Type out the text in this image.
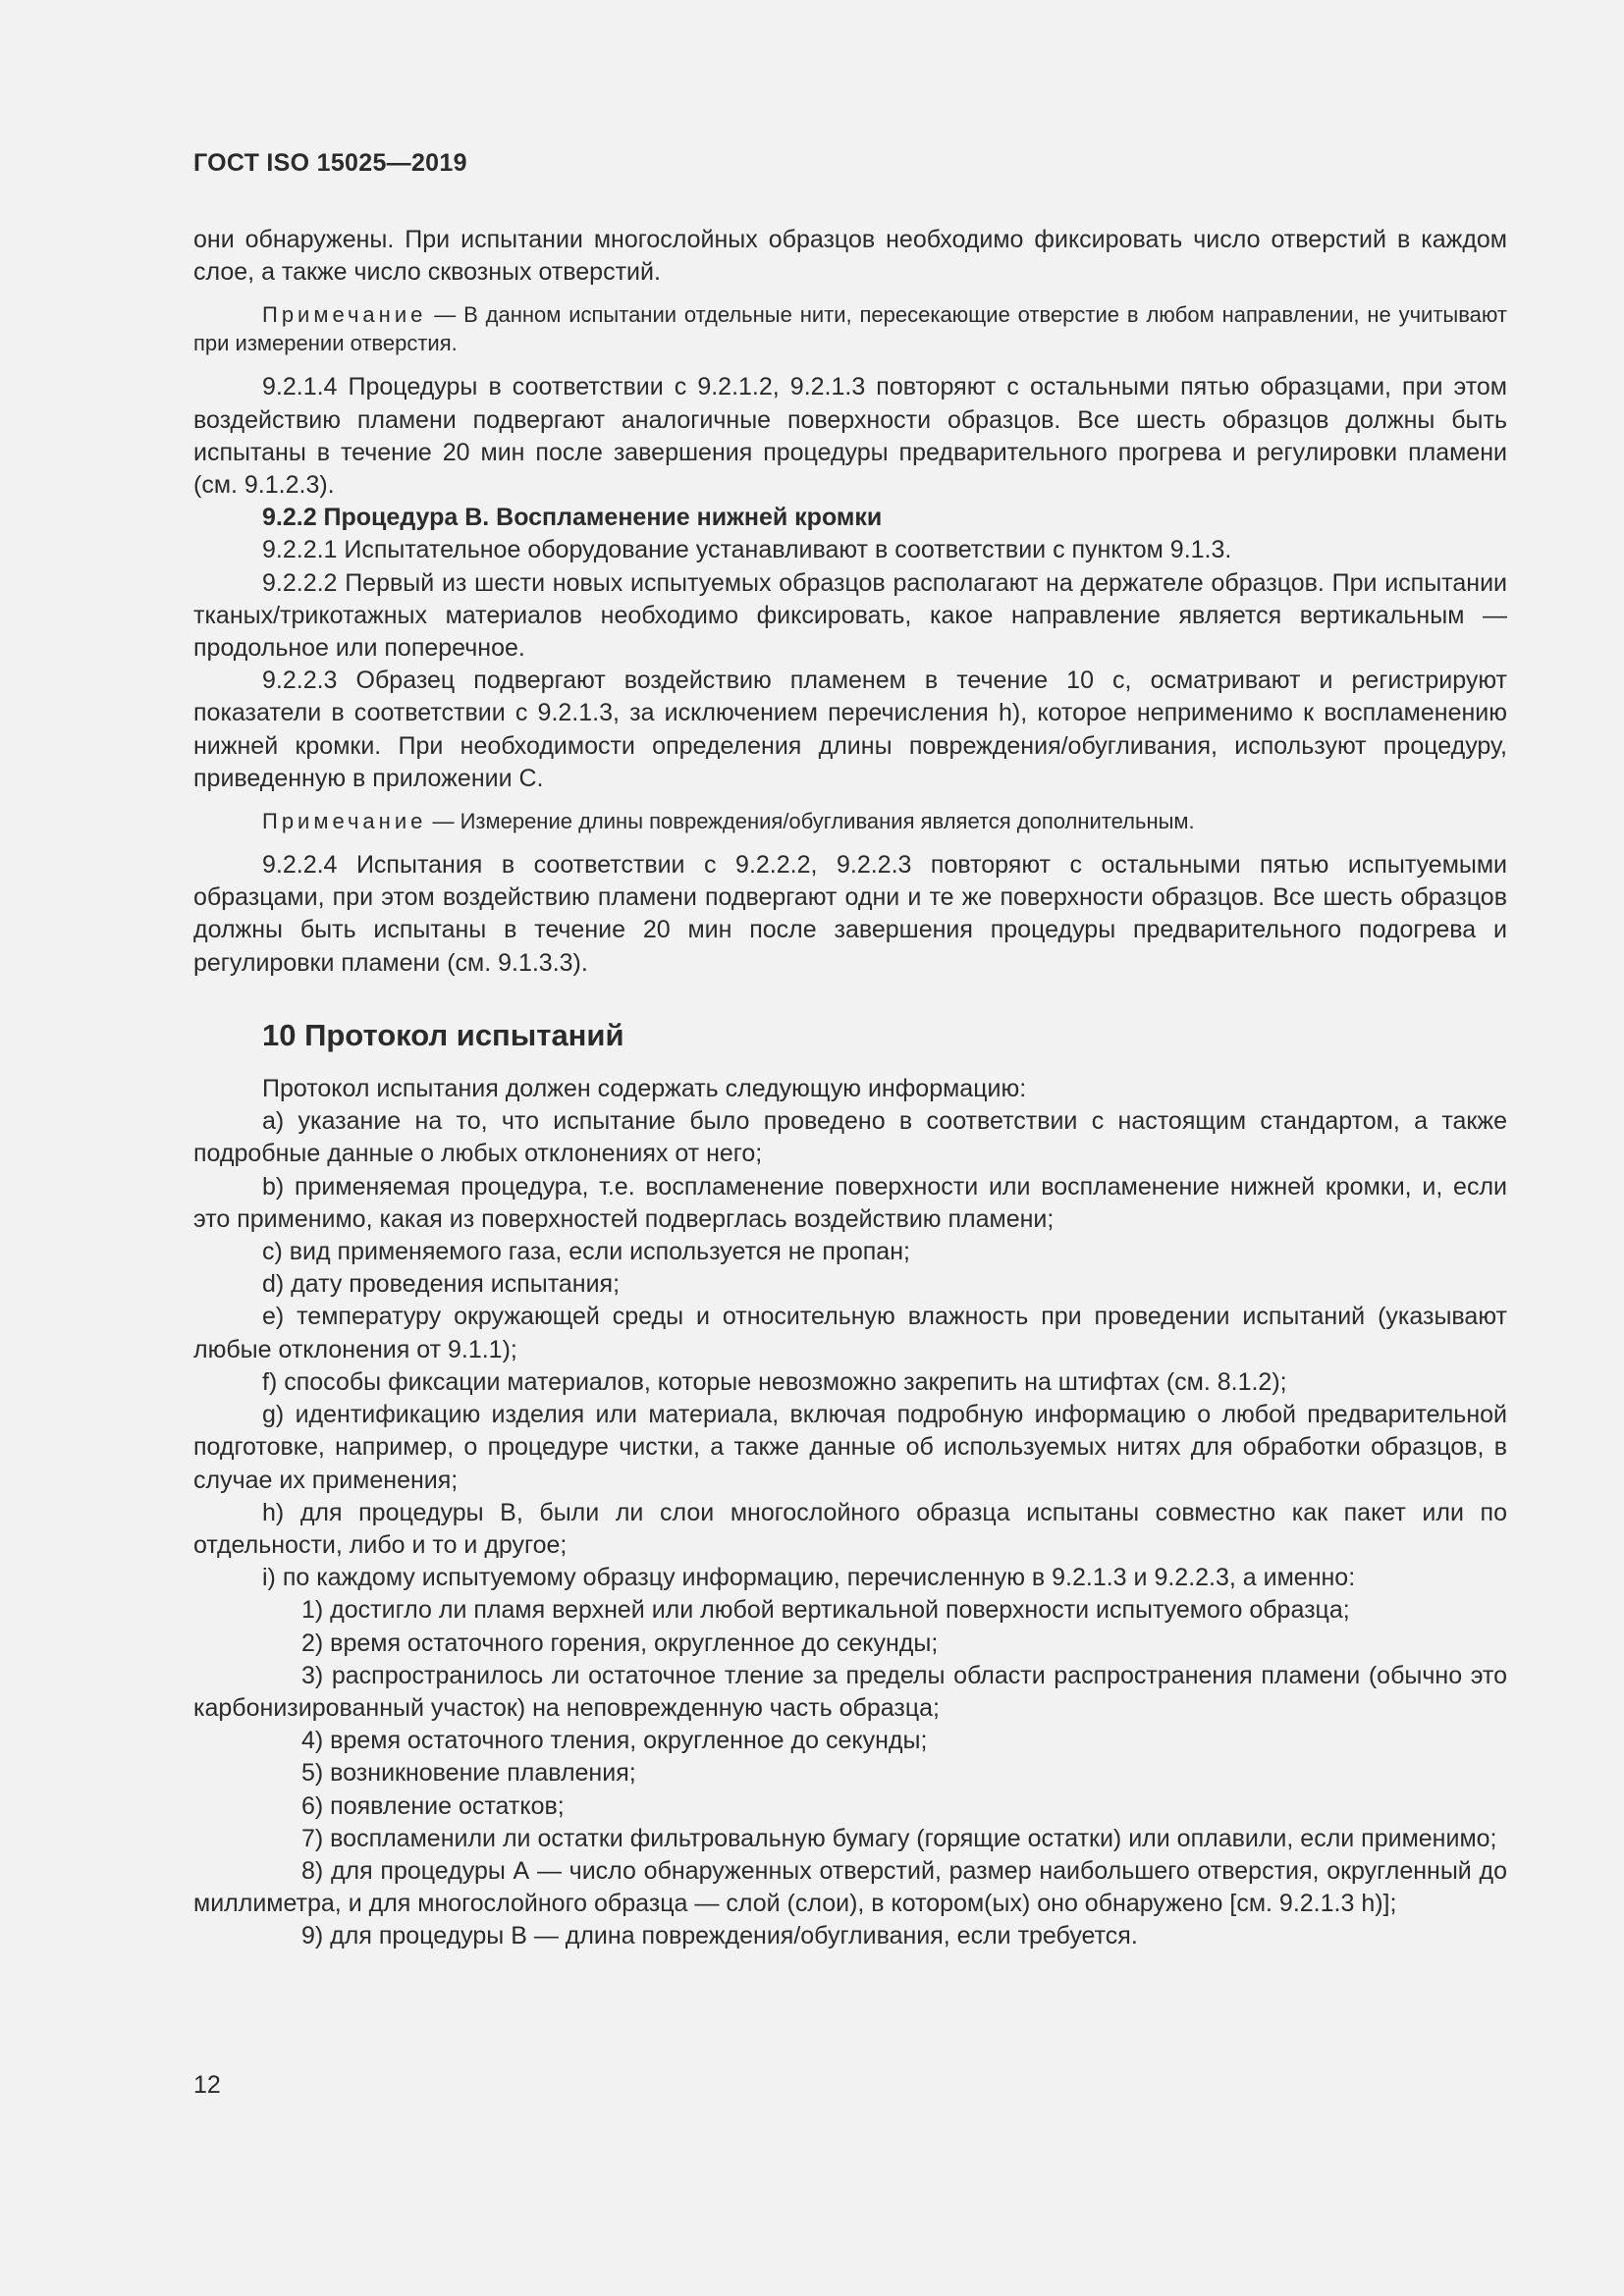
ГОСТ ISO 15025—2019

они обнаружены. При испытании многослойных образцов необходимо фиксировать число отверстий в каждом слое, а также число сквозных отверстий.

Примечание — В данном испытании отдельные нити, пересекающие отверстие в любом направлении, не учитывают при измерении отверстия.

9.2.1.4 Процедуры в соответствии с 9.2.1.2, 9.2.1.3 повторяют с остальными пятью образцами, при этом воздействию пламени подвергают аналогичные поверхности образцов. Все шесть образцов должны быть испытаны в течение 20 мин после завершения процедуры предварительного прогрева и регулировки пламени (см. 9.1.2.3).

9.2.2 Процедура В. Воспламенение нижней кромки

9.2.2.1 Испытательное оборудование устанавливают в соответствии с пунктом 9.1.3.

9.2.2.2 Первый из шести новых испытуемых образцов располагают на держателе образцов. При испытании тканых/трикотажных материалов необходимо фиксировать, какое направление является вертикальным — продольное или поперечное.

9.2.2.3 Образец подвергают воздействию пламенем в течение 10 с, осматривают и регистрируют показатели в соответствии с 9.2.1.3, за исключением перечисления h), которое неприменимо к воспламенению нижней кромки. При необходимости определения длины повреждения/обугливания, используют процедуру, приведенную в приложении С.

Примечание — Измерение длины повреждения/обугливания является дополнительным.

9.2.2.4 Испытания в соответствии с 9.2.2.2, 9.2.2.3 повторяют с остальными пятью испытуемыми образцами, при этом воздействию пламени подвергают одни и те же поверхности образцов. Все шесть образцов должны быть испытаны в течение 20 мин после завершения процедуры предварительного подогрева и регулировки пламени (см. 9.1.3.3).

10 Протокол испытаний

Протокол испытания должен содержать следующую информацию:

a) указание на то, что испытание было проведено в соответствии с настоящим стандартом, а также подробные данные о любых отклонениях от него;

b) применяемая процедура, т.е. воспламенение поверхности или воспламенение нижней кромки, и, если это применимо, какая из поверхностей подверглась воздействию пламени;

c) вид применяемого газа, если используется не пропан;

d) дату проведения испытания;

e) температуру окружающей среды и относительную влажность при проведении испытаний (указывают любые отклонения от 9.1.1);

f) способы фиксации материалов, которые невозможно закрепить на штифтах (см. 8.1.2);

g) идентификацию изделия или материала, включая подробную информацию о любой предварительной подготовке, например, о процедуре чистки, а также данные об используемых нитях для обработки образцов, в случае их применения;

h) для процедуры В, были ли слои многослойного образца испытаны совместно как пакет или по отдельности, либо и то и другое;

i) по каждому испытуемому образцу информацию, перечисленную в 9.2.1.3 и 9.2.2.3, а именно:

1) достигло ли пламя верхней или любой вертикальной поверхности испытуемого образца;

2) время остаточного горения, округленное до секунды;

3) распространилось ли остаточное тление за пределы области распространения пламени (обычно это карбонизированный участок) на неповрежденную часть образца;

4) время остаточного тления, округленное до секунды;

5) возникновение плавления;

6) появление остатков;

7) воспламенили ли остатки фильтровальную бумагу (горящие остатки) или оплавили, если применимо;

8) для процедуры А — число обнаруженных отверстий, размер наибольшего отверстия, округленный до миллиметра, и для многослойного образца — слой (слои), в котором(ых) оно обнаружено [см. 9.2.1.3 h)];

9) для процедуры В — длина повреждения/обугливания, если требуется.

12
